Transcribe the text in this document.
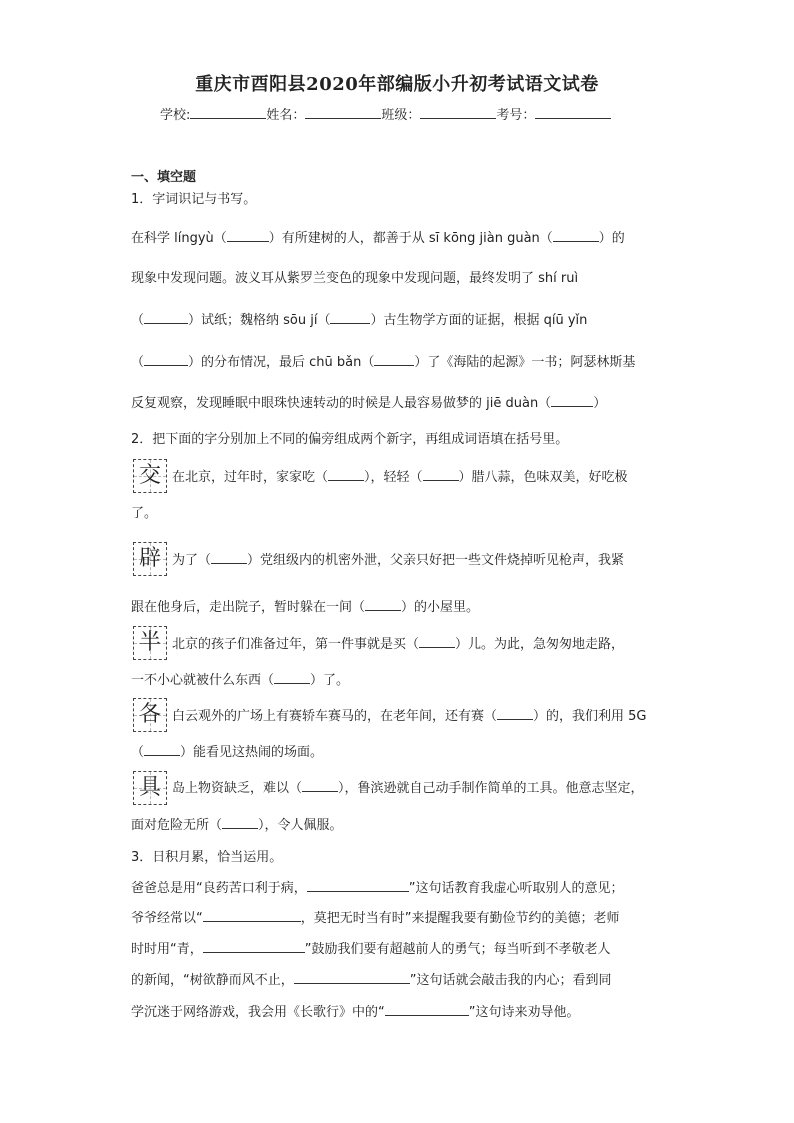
重庆市酉阳县2020年部编版小升初考试语文试卷
学校:	姓名：	班级：	考号：
一、填空题
1．字词识记与书写。
在科学 língyù（	）有所建树的人，都善于从 sī kōng jiàn guàn（	）的
现象中发现问题。波义耳从紫罗兰变色的现象中发现问题，最终发明了 shí ruì
（	）试纸；魏格纳 sōu jí（	）古生物学方面的证据，根据 qíū yǐn
（	）的分布情况，最后 chū bǎn（	）了《海陆的起源》一书；阿瑟林斯基
反复观察，发现睡眠中眼珠快速转动的时候是人最容易做梦的 jiē duàn（	）
2．把下面的字分别加上不同的偏旁组成两个新字，再组成词语填在括号里。
交 在北京，过年时，家家吃（	），轻轻（	）腊八蒜，色味双美，好吃极
了。
辟 为了（	）党组级内的机密外泄，父亲只好把一些文件烧掉听见枪声，我紧
跟在他身后，走出院子，暂时躲在一间（	）的小屋里。
半 北京的孩子们准备过年，第一件事就是买（	）儿。为此，急匆匆地走路，
一不小心就被什么东西（	）了。
各 白云观外的广场上有赛轿车赛马的，在老年间，还有赛（	）的，我们利用 5G
（	）能看见这热闹的场面。
具 岛上物资缺乏，难以（	），鲁滨逊就自己动手制作简单的工具。他意志坚定，
面对危险无所（	），令人佩服。
3．日积月累，恰当运用。
爸爸总是用“良药苦口利于病，	”这句话教育我虚心听取别人的意见；
爷爷经常以“	，莫把无时当有时”来提醒我要有勤俭节约的美德；老师
时时用“青，	”鼓励我们要有超越前人的勇气；每当听到不孝敬老人
的新闻，“树欲静而风不止，	”这句话就会敲击我的内心；看到同
学沉迷于网络游戏，我会用《长歌行》中的“	”这句诗来劝导他。
